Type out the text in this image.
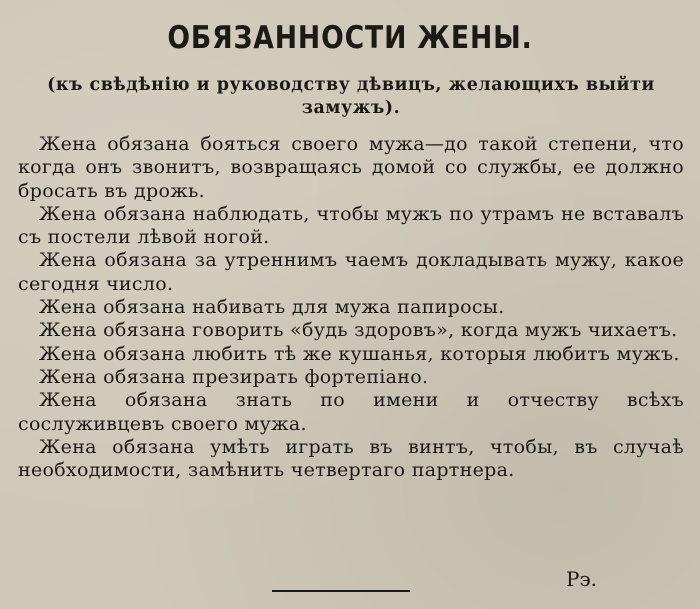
ОБЯЗАННОСТИ ЖЕНЫ.
(къ свѣдѣнію и руководству дѣвицъ, желающихъ выйти замужъ).

Жена обязана бояться своего мужа—до такой степени, что когда онъ звонитъ, возвращаясь домой со службы, ее должно бросать въ дрожь.

Жена обязана наблюдать, чтобы мужъ по утрамъ не вставалъ съ постели лѣвой ногой.

Жена обязана за утреннимъ чаемъ докладывать мужу, какое сегодня число.

Жена обязана набивать для мужа папиросы.

Жена обязана говорить «будь здоровъ», когда мужъ чихаетъ.

Жена обязана любить тѣ же кушанья, которыя любитъ мужъ.

Жена обязана презирать фортепіано.

Жена обязана знать по имени и отчеству всѣхъ сослуживцевъ своего мужа.

Жена обязана умѣть играть въ винтъ, чтобы, въ случаѣ необходимости, замѣнить четвертаго партнера.

Рэ.
